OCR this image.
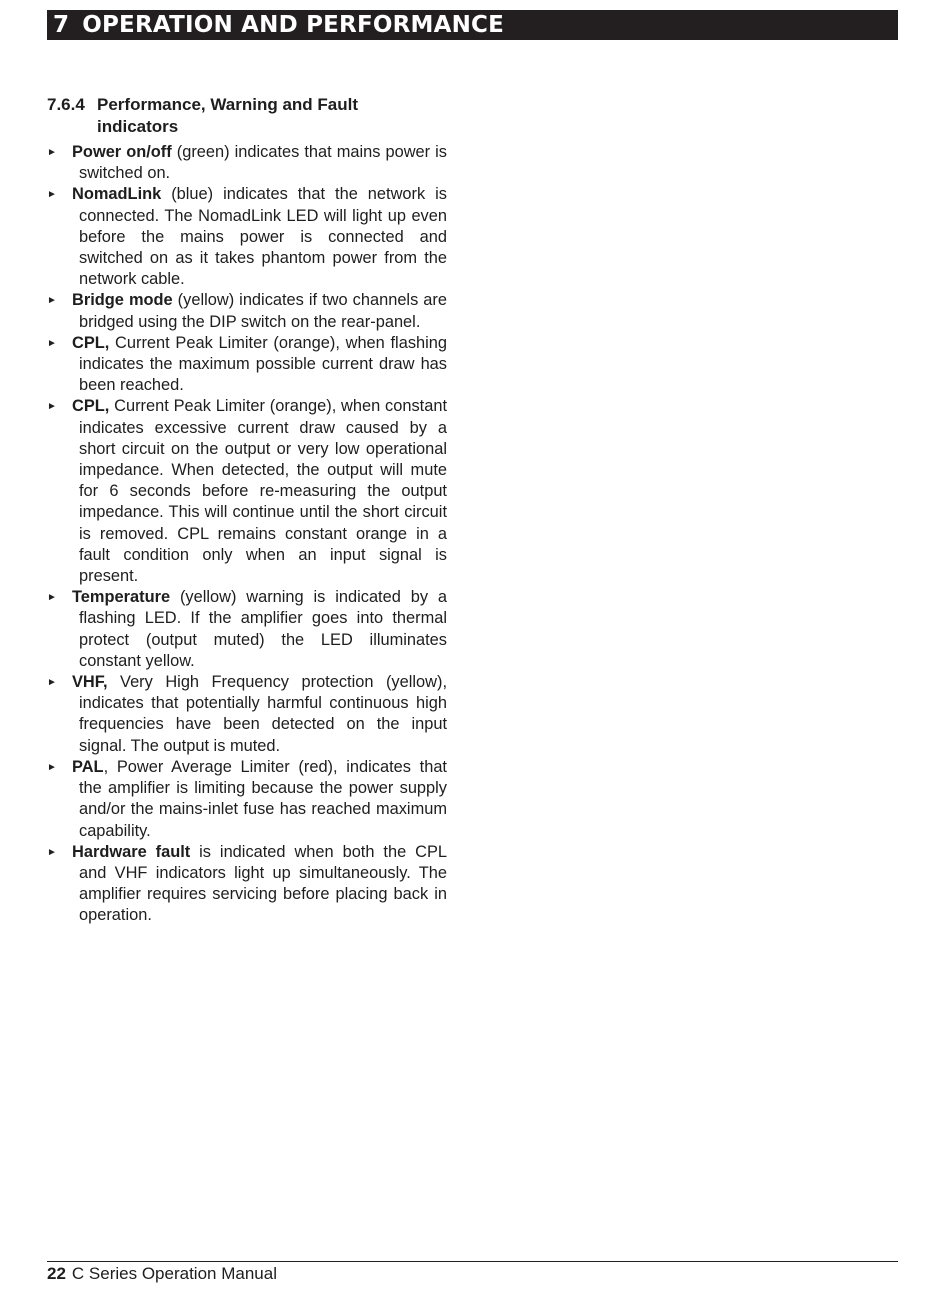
7 OPERATION AND PERFORMANCE
7.6.4 Performance, Warning and Fault indicators
► Power on/off (green) indicates that mains power is switched on.
► NomadLink (blue) indicates that the network is connected. The NomadLink LED will light up even before the mains power is connected and switched on as it takes phantom power from the network cable.
► Bridge mode (yellow) indicates if two channels are bridged using the DIP switch on the rear-panel.
► CPL, Current Peak Limiter (orange), when flashing indicates the maximum possible current draw has been reached.
► CPL, Current Peak Limiter (orange), when constant indicates excessive current draw caused by a short circuit on the output or very low operational impedance. When detected, the output will mute for 6 seconds before re-measuring the output impedance. This will continue until the short circuit is removed. CPL remains constant orange in a fault condition only when an input signal is present.
► Temperature (yellow) warning is indicated by a flashing LED. If the amplifier goes into thermal protect (output muted) the LED illuminates constant yellow.
► VHF, Very High Frequency protection (yellow), indicates that potentially harmful continuous high frequencies have been detected on the input signal. The output is muted.
► PAL, Power Average Limiter (red), indicates that the amplifier is limiting because the power supply and/or the mains-inlet fuse has reached maximum capability.
► Hardware fault is indicated when both the CPL and VHF indicators light up simultaneously. The amplifier requires servicing before placing back in operation.
22 C Series Operation Manual
